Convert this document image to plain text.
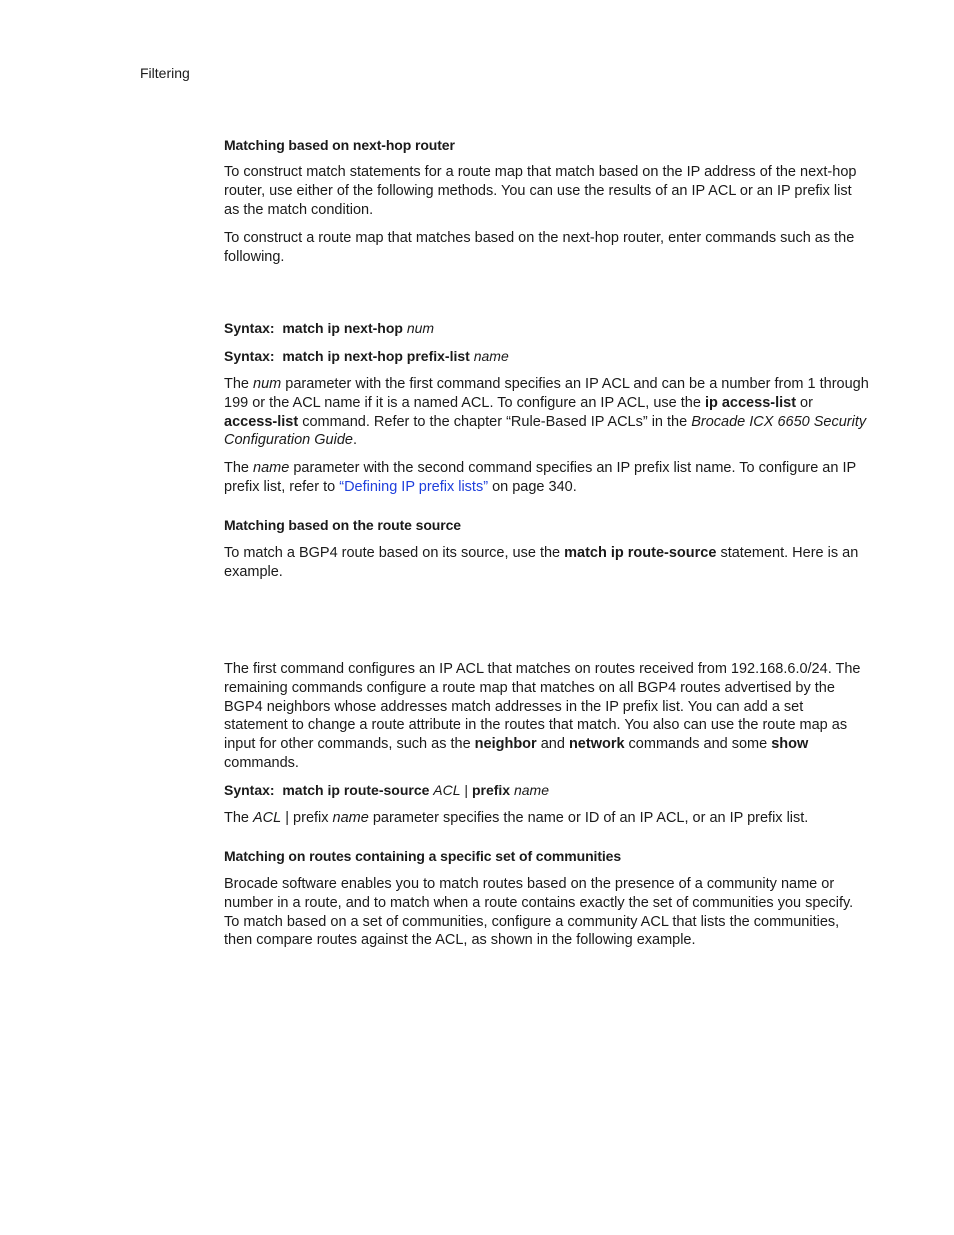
Filtering
Matching based on next-hop router
To construct match statements for a route map that match based on the IP address of the next-hop router, use either of the following methods. You can use the results of an IP ACL or an IP prefix list as the match condition.
To construct a route map that matches based on the next-hop router, enter commands such as the following.
Syntax: match ip next-hop num
Syntax: match ip next-hop prefix-list name
The num parameter with the first command specifies an IP ACL and can be a number from 1 through 199 or the ACL name if it is a named ACL. To configure an IP ACL, use the ip access-list or access-list command. Refer to the chapter “Rule-Based IP ACLs” in the Brocade ICX 6650 Security Configuration Guide.
The name parameter with the second command specifies an IP prefix list name. To configure an IP prefix list, refer to “Defining IP prefix lists” on page 340.
Matching based on the route source
To match a BGP4 route based on its source, use the match ip route-source statement. Here is an example.
The first command configures an IP ACL that matches on routes received from 192.168.6.0/24. The remaining commands configure a route map that matches on all BGP4 routes advertised by the BGP4 neighbors whose addresses match addresses in the IP prefix list. You can add a set statement to change a route attribute in the routes that match. You also can use the route map as input for other commands, such as the neighbor and network commands and some show commands.
Syntax: match ip route-source ACL | prefix name
The ACL | prefix name parameter specifies the name or ID of an IP ACL, or an IP prefix list.
Matching on routes containing a specific set of communities
Brocade software enables you to match routes based on the presence of a community name or number in a route, and to match when a route contains exactly the set of communities you specify. To match based on a set of communities, configure a community ACL that lists the communities, then compare routes against the ACL, as shown in the following example.
